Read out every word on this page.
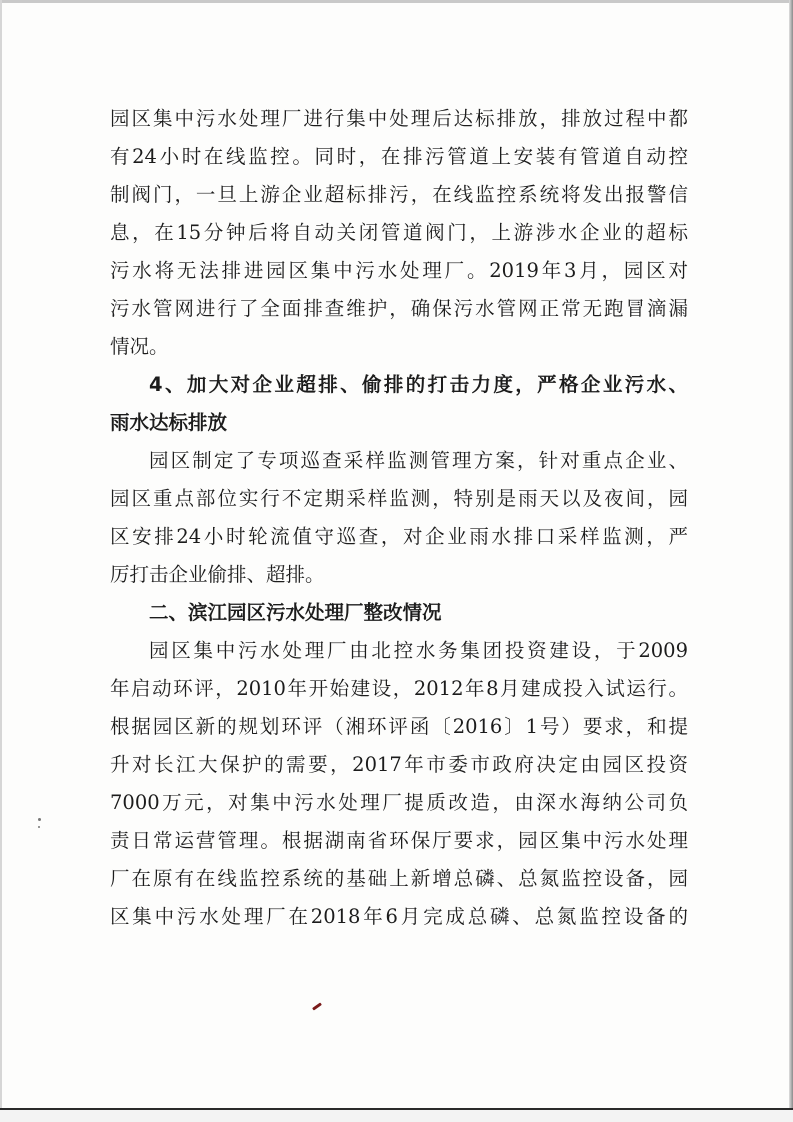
园区集中污水处理厂进行集中处理后达标排放，排放过程中都
有24小时在线监控。同时，在排污管道上安装有管道自动控
制阀门，一旦上游企业超标排污，在线监控系统将发出报警信
息，在15分钟后将自动关闭管道阀门，上游涉水企业的超标
污水将无法排进园区集中污水处理厂。2019年3月，园区对
污水管网进行了全面排查维护，确保污水管网正常无跑冒滴漏
情况。
4、加大对企业超排、偷排的打击力度，严格企业污水、
雨水达标排放
园区制定了专项巡查采样监测管理方案，针对重点企业、
园区重点部位实行不定期采样监测，特别是雨天以及夜间，园
区安排24小时轮流值守巡查，对企业雨水排口采样监测，严
厉打击企业偷排、超排。
二、滨江园区污水处理厂整改情况
园区集中污水处理厂由北控水务集团投资建设，于2009
年启动环评，2010年开始建设，2012年8月建成投入试运行。
根据园区新的规划环评（湘环评函〔2016〕1号）要求，和提
升对长江大保护的需要，2017年市委市政府决定由园区投资
7000万元，对集中污水处理厂提质改造，由深水海纳公司负
责日常运营管理。根据湖南省环保厅要求，园区集中污水处理
厂在原有在线监控系统的基础上新增总磷、总氮监控设备，园
区集中污水处理厂在2018年6月完成总磷、总氮监控设备的
